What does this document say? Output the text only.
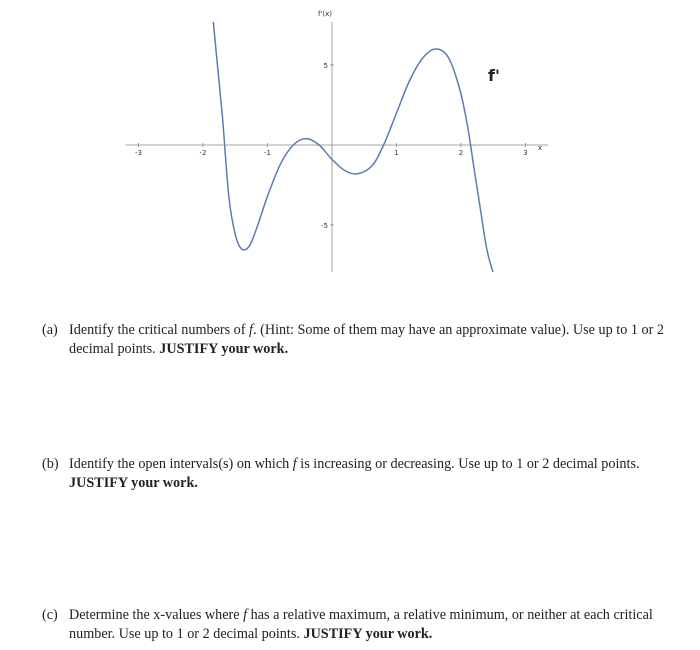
-3	-2	-1	1	2	3
5
-5
f'(x)
x
f'
(a) Identify the critical numbers of f. (Hint: Some of them may have an approximate value). Use up to 1 or 2 decimal points. JUSTIFY your work.
(b) Identify the open intervals(s) on which f is increasing or decreasing. Use up to 1 or 2 decimal points. JUSTIFY your work.
(c) Determine the x-values where f has a relative maximum, a relative minimum, or neither at each critical number. Use up to 1 or 2 decimal points. JUSTIFY your work.
